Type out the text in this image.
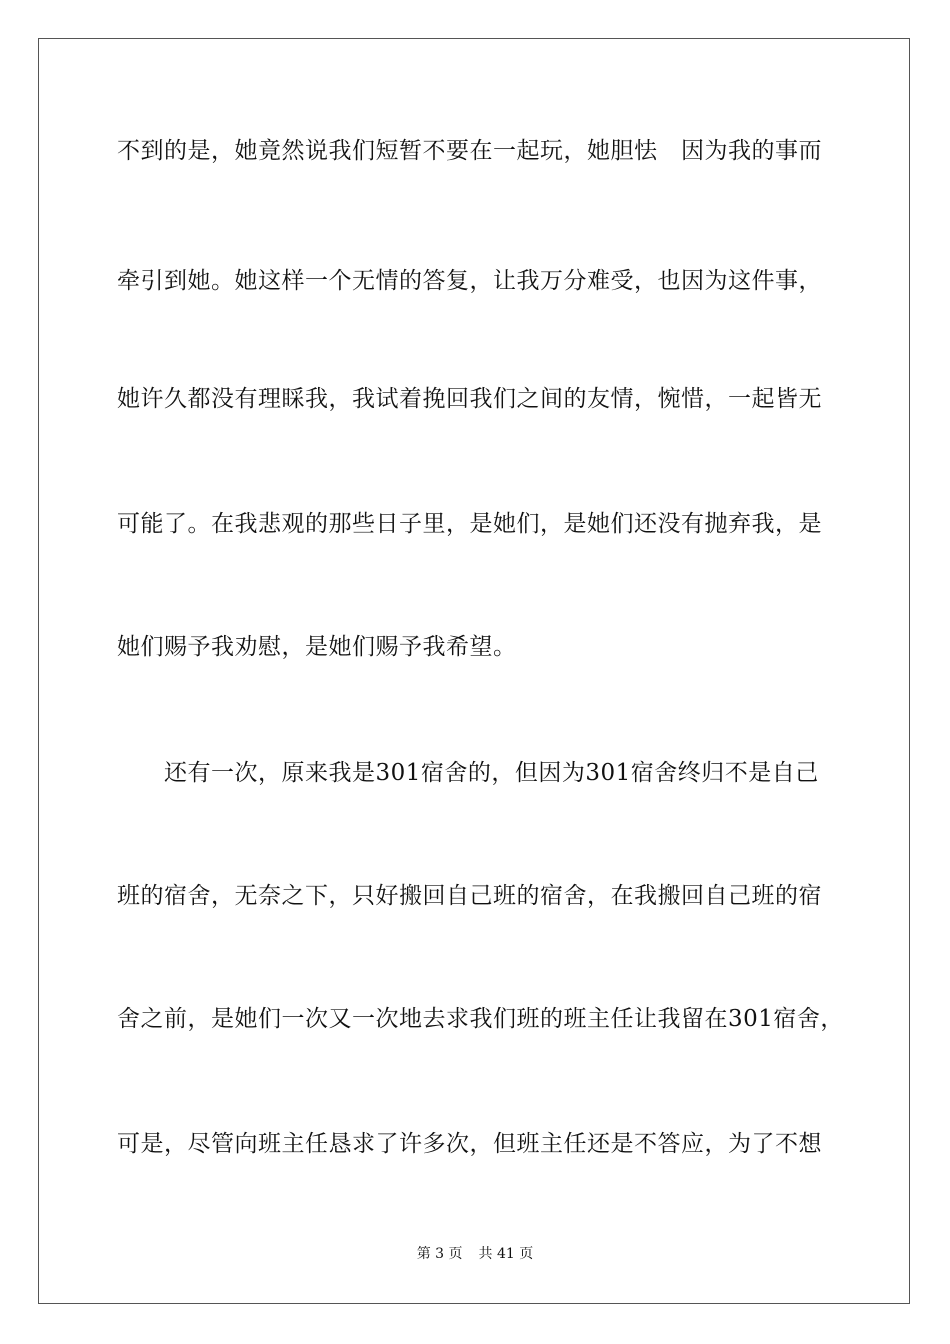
不到的是，她竟然说我们短暂不要在一起玩，她胆怯　因为我的事而
牵引到她。她这样一个无情的答复，让我万分难受，也因为这件事，
她许久都没有理睬我，我试着挽回我们之间的友情，惋惜，一起皆无
可能了。在我悲观的那些日子里，是她们，是她们还没有抛弃我，是
她们赐予我劝慰，是她们赐予我希望。
　　还有一次，原来我是301宿舍的，但因为301宿舍终归不是自己
班的宿舍，无奈之下，只好搬回自己班的宿舍，在我搬回自己班的宿
舍之前，是她们一次又一次地去求我们班的班主任让我留在301宿舍，
可是，尽管向班主任恳求了许多次，但班主任还是不答应，为了不想
第 3 页 共 41 页
